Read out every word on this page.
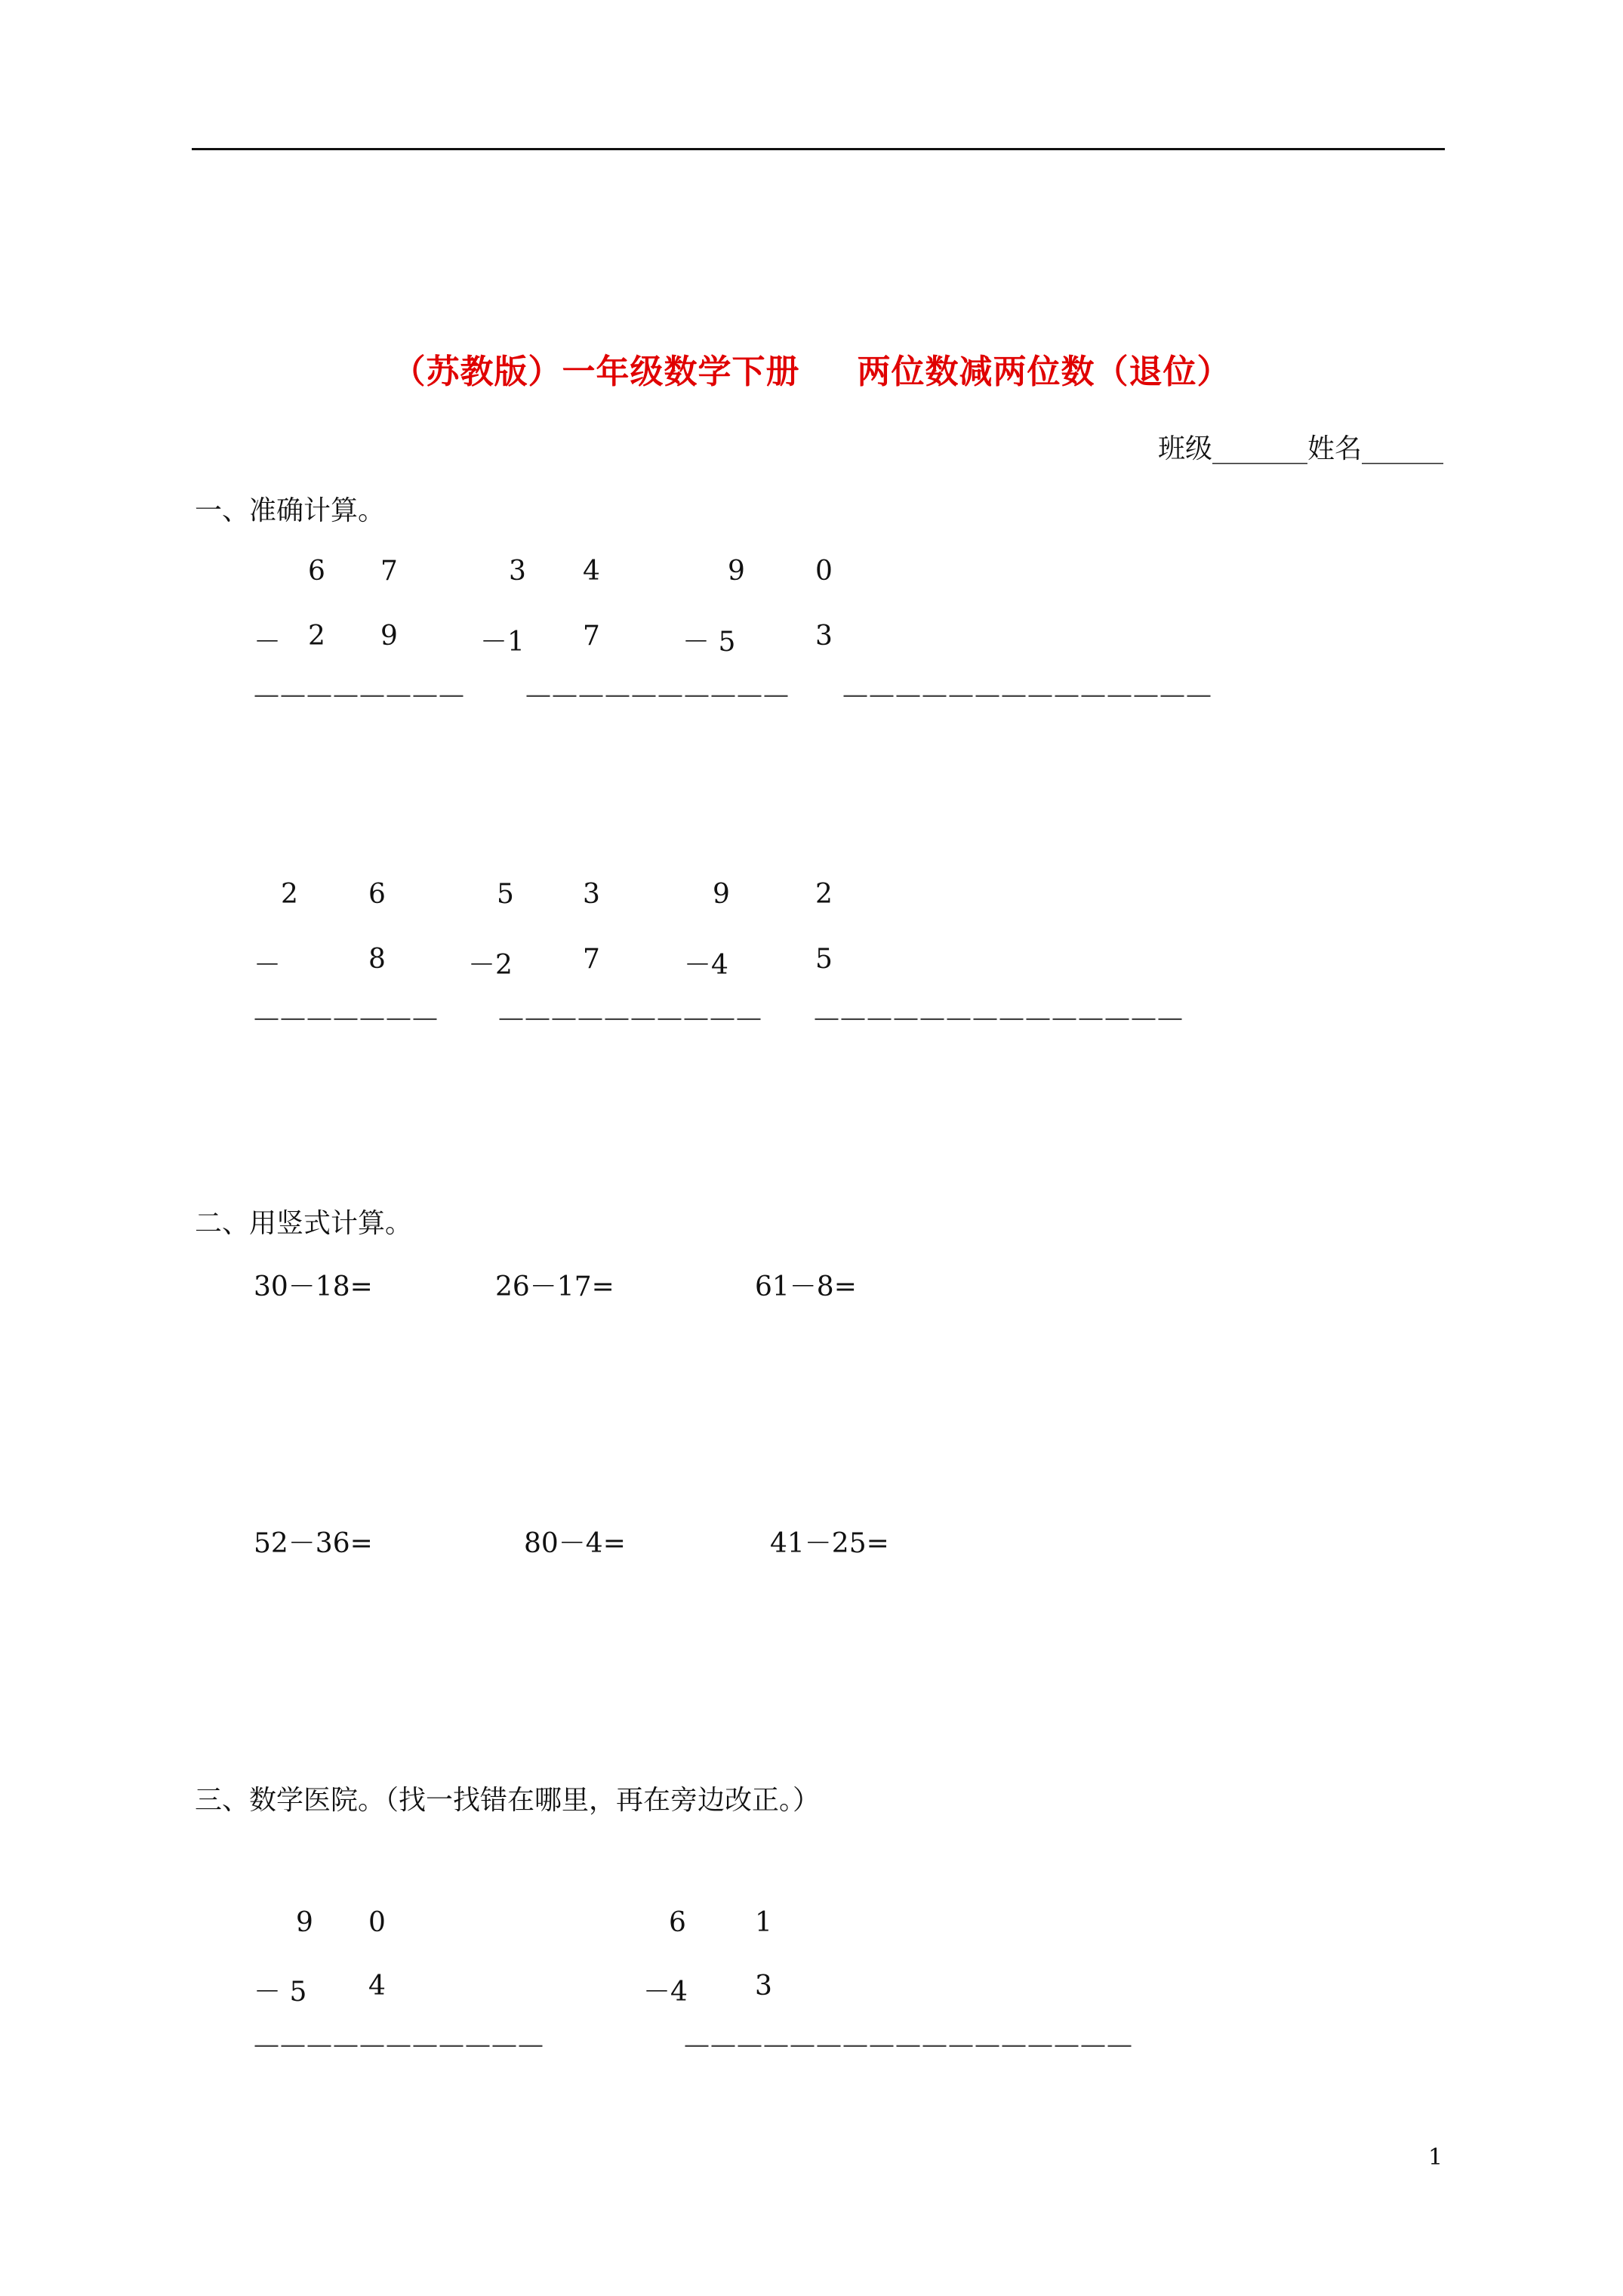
（苏教版）一年级数学下册 两位数减两位数（退位）
班级_______姓名______
一、准确计算。
6 7	3 4	9	0
－ 2 9	－1 7	－ 5	3
———————— —————————— ——————————————
2	6	5	3	9	2
－	8	－2	7	－4	5
——————— —————————— ——————————————
二、用竖式计算。
30－18=	26－17=	61－8=
52－36=	80－4=	41－25=
三、数学医院。（找一找错在哪里，再在旁边改正。）
9 0	6	1
－ 5 4	－4 3
———————————	—————————————————
1
